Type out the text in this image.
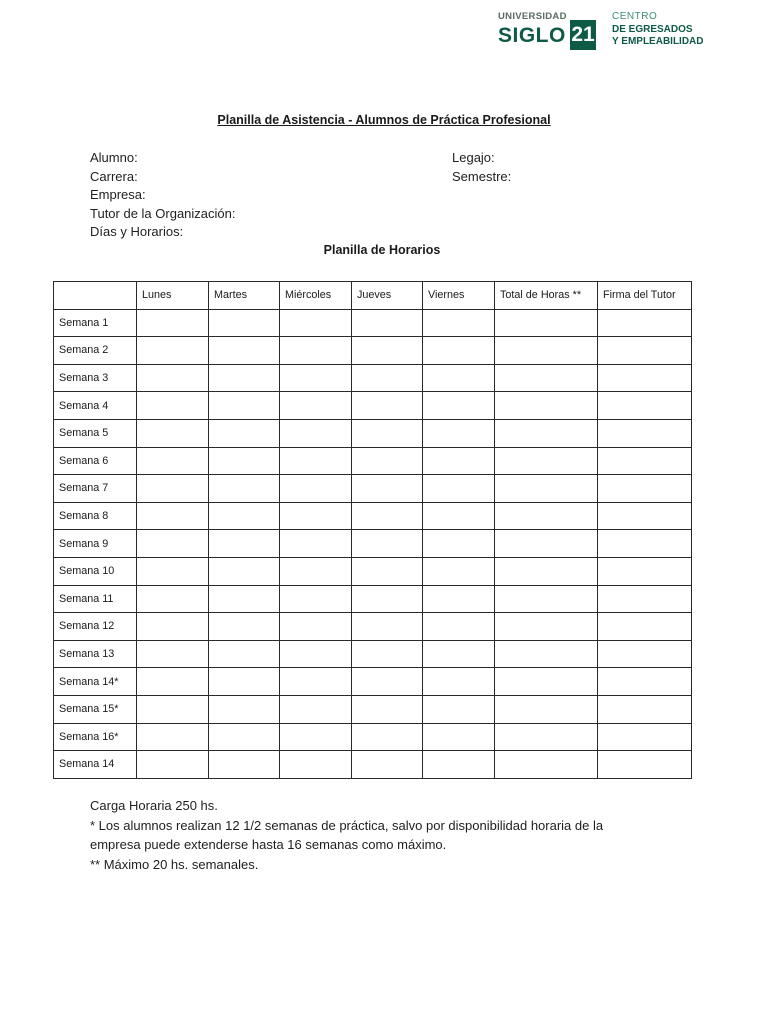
UNIVERSIDAD
SIGLO 21
CENTRO
DE EGRESADOS
Y EMPLEABILIDAD
Planilla de Asistencia - Alumnos de Práctica Profesional
Alumno:
Carrera:
Empresa:
Tutor de la Organización:
Días y Horarios:
Legajo:
Semestre:
Planilla de Horarios
	Lunes	Martes	Miércoles	Jueves	Viernes	Total de Horas **	Firma del Tutor
Semana 1							
Semana 2							
Semana 3							
Semana 4							
Semana 5							
Semana 6							
Semana 7							
Semana 8							
Semana 9							
Semana 10							
Semana 11							
Semana 12							
Semana 13							
Semana 14*							
Semana 15*							
Semana 16*							
Semana 14							
Carga Horaria 250 hs.
* Los alumnos realizan 12 1/2 semanas de práctica, salvo por disponibilidad horaria de la
empresa puede extenderse hasta 16 semanas como máximo.
** Máximo 20 hs. semanales.
